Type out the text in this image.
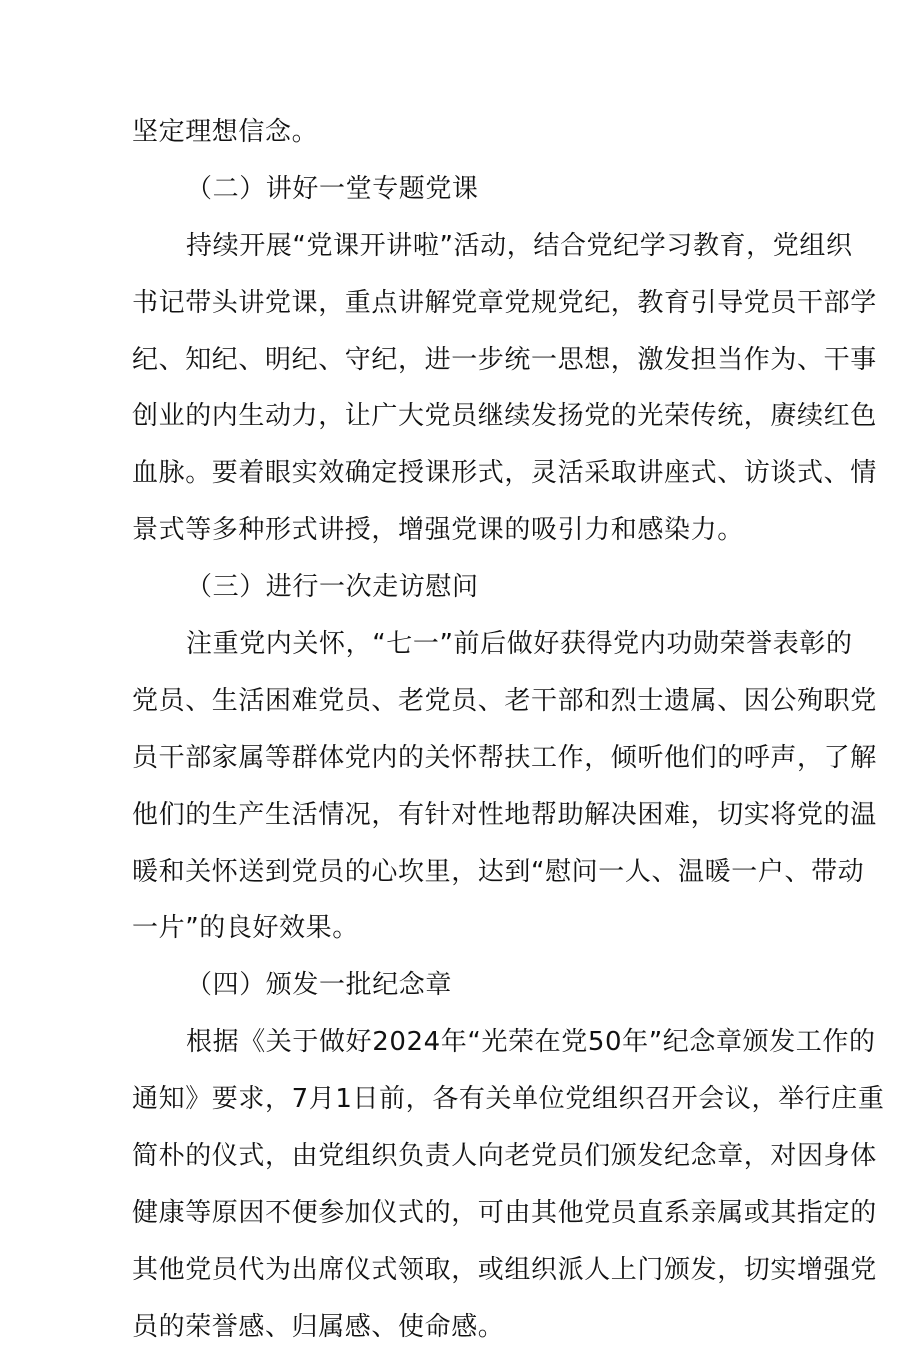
坚定理想信念。
（二）讲好一堂专题党课
持续开展“党课开讲啦”活动，结合党纪学习教育，党组织
书记带头讲党课，重点讲解党章党规党纪，教育引导党员干部学
纪、知纪、明纪、守纪，进一步统一思想，激发担当作为、干事
创业的内生动力，让广大党员继续发扬党的光荣传统，赓续红色
血脉。要着眼实效确定授课形式，灵活采取讲座式、访谈式、情
景式等多种形式讲授，增强党课的吸引力和感染力。
（三）进行一次走访慰问
注重党内关怀，“七一”前后做好获得党内功勋荣誉表彰的
党员、生活困难党员、老党员、老干部和烈士遗属、因公殉职党
员干部家属等群体党内的关怀帮扶工作，倾听他们的呼声，了解
他们的生产生活情况，有针对性地帮助解决困难，切实将党的温
暖和关怀送到党员的心坎里，达到“慰问一人、温暖一户、带动
一片”的良好效果。
（四）颁发一批纪念章
根据《关于做好2024年“光荣在党50年”纪念章颁发工作的
通知》要求，7月1日前，各有关单位党组织召开会议，举行庄重
简朴的仪式，由党组织负责人向老党员们颁发纪念章，对因身体
健康等原因不便参加仪式的，可由其他党员直系亲属或其指定的
其他党员代为出席仪式领取，或组织派人上门颁发，切实增强党
员的荣誉感、归属感、使命感。
